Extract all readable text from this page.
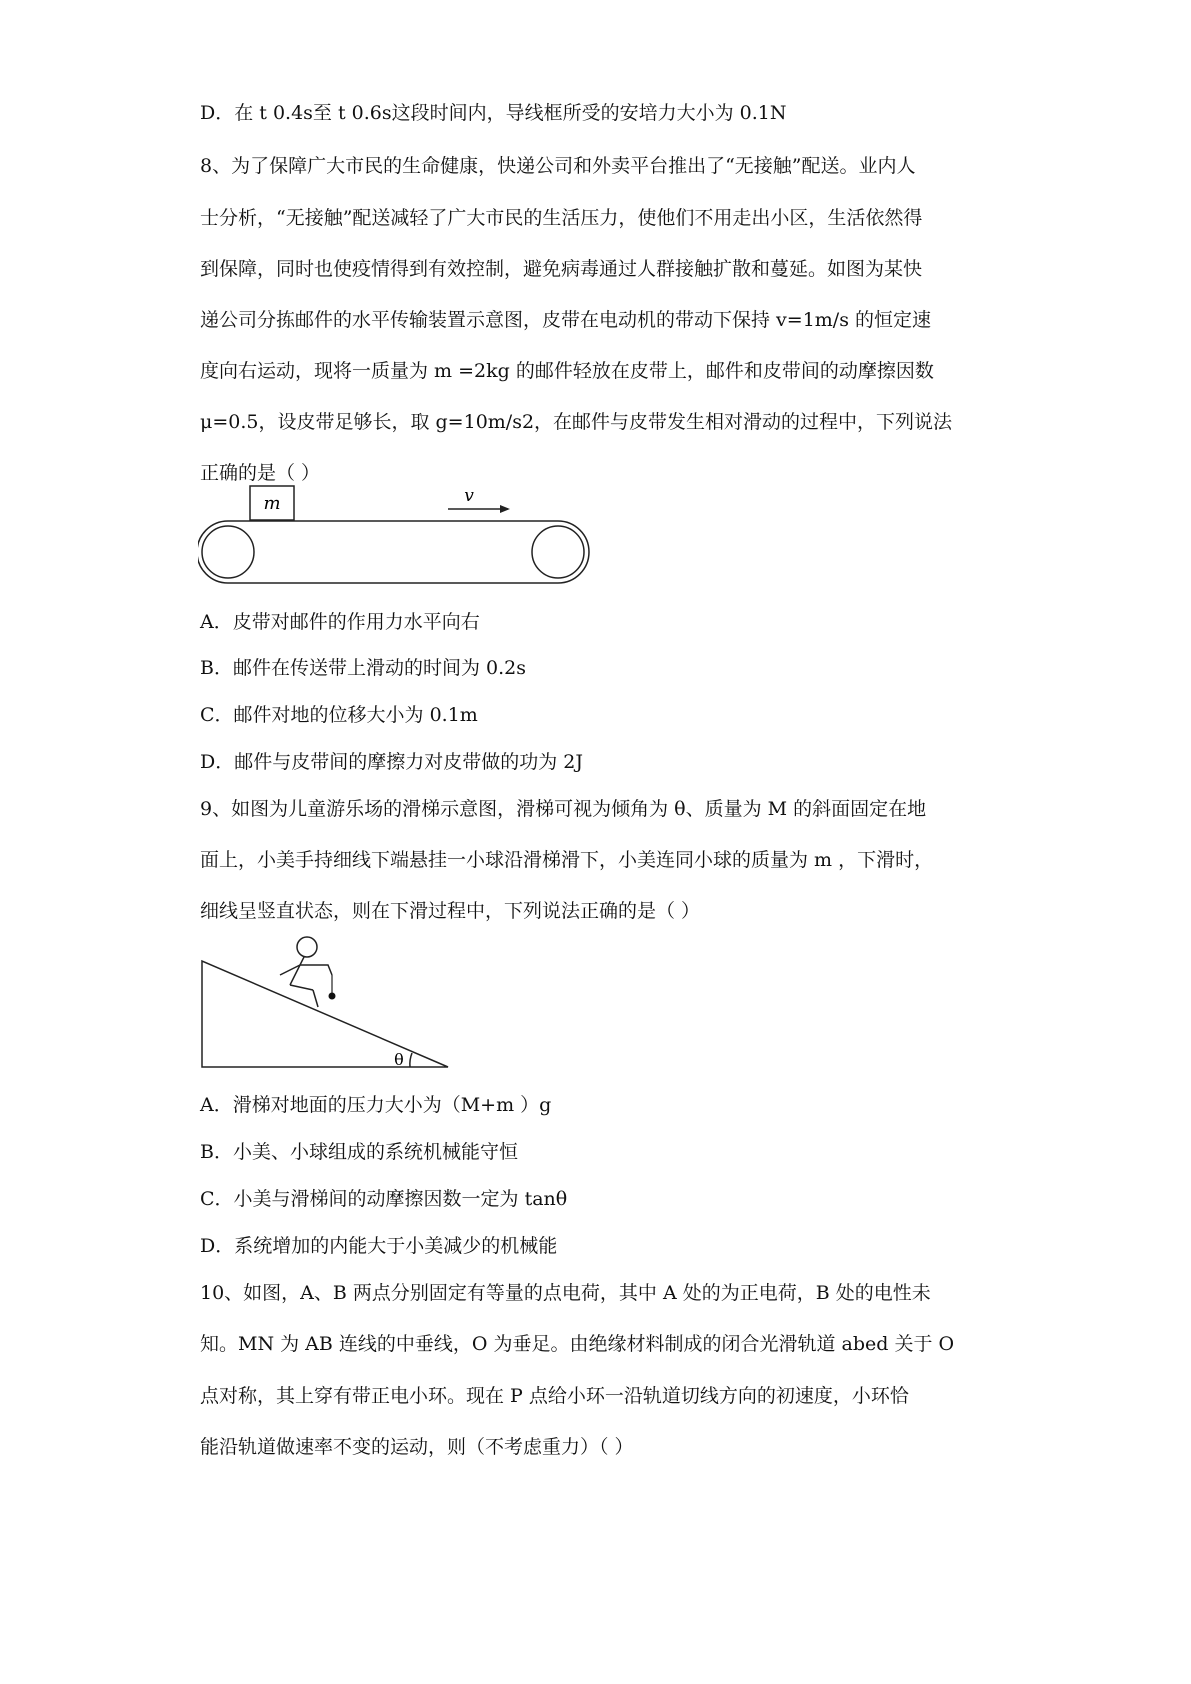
D．在 t 0.4s至 t 0.6s这段时间内，导线框所受的安培力大小为 0.1N
8、为了保障广大市民的生命健康，快递公司和外卖平台推出了“无接触”配送。业内人
士分析，“无接触”配送减轻了广大市民的生活压力，使他们不用走出小区，生活依然得
到保障，同时也使疫情得到有效控制，避免病毒通过人群接触扩散和蔓延。如图为某快
递公司分拣邮件的水平传输装置示意图，皮带在电动机的带动下保持 v=1m/s 的恒定速
度向右运动，现将一质量为 m =2kg 的邮件轻放在皮带上，邮件和皮带间的动摩擦因数
μ=0.5，设皮带足够长，取 g=10m/s2，在邮件与皮带发生相对滑动的过程中，下列说法
正确的是（ ）
m	v
A．皮带对邮件的作用力水平向右
B．邮件在传送带上滑动的时间为 0.2s
C．邮件对地的位移大小为 0.1m
D．邮件与皮带间的摩擦力对皮带做的功为 2J
9、如图为儿童游乐场的滑梯示意图，滑梯可视为倾角为 θ、质量为 M 的斜面固定在地
面上，小美手持细线下端悬挂一小球沿滑梯滑下，小美连同小球的质量为 m ，下滑时，
细线呈竖直状态，则在下滑过程中，下列说法正确的是（ ）
θ
A．滑梯对地面的压力大小为（M+m ）g
B．小美、小球组成的系统机械能守恒
C．小美与滑梯间的动摩擦因数一定为 tanθ
D．系统增加的内能大于小美减少的机械能
10、如图，A、B 两点分别固定有等量的点电荷，其中 A 处的为正电荷，B 处的电性未
知。MN 为 AB 连线的中垂线，O 为垂足。由绝缘材料制成的闭合光滑轨道 abed 关于 O
点对称，其上穿有带正电小环。现在 P 点给小环一沿轨道切线方向的初速度，小环恰
能沿轨道做速率不变的运动，则（不考虑重力）（ ）
